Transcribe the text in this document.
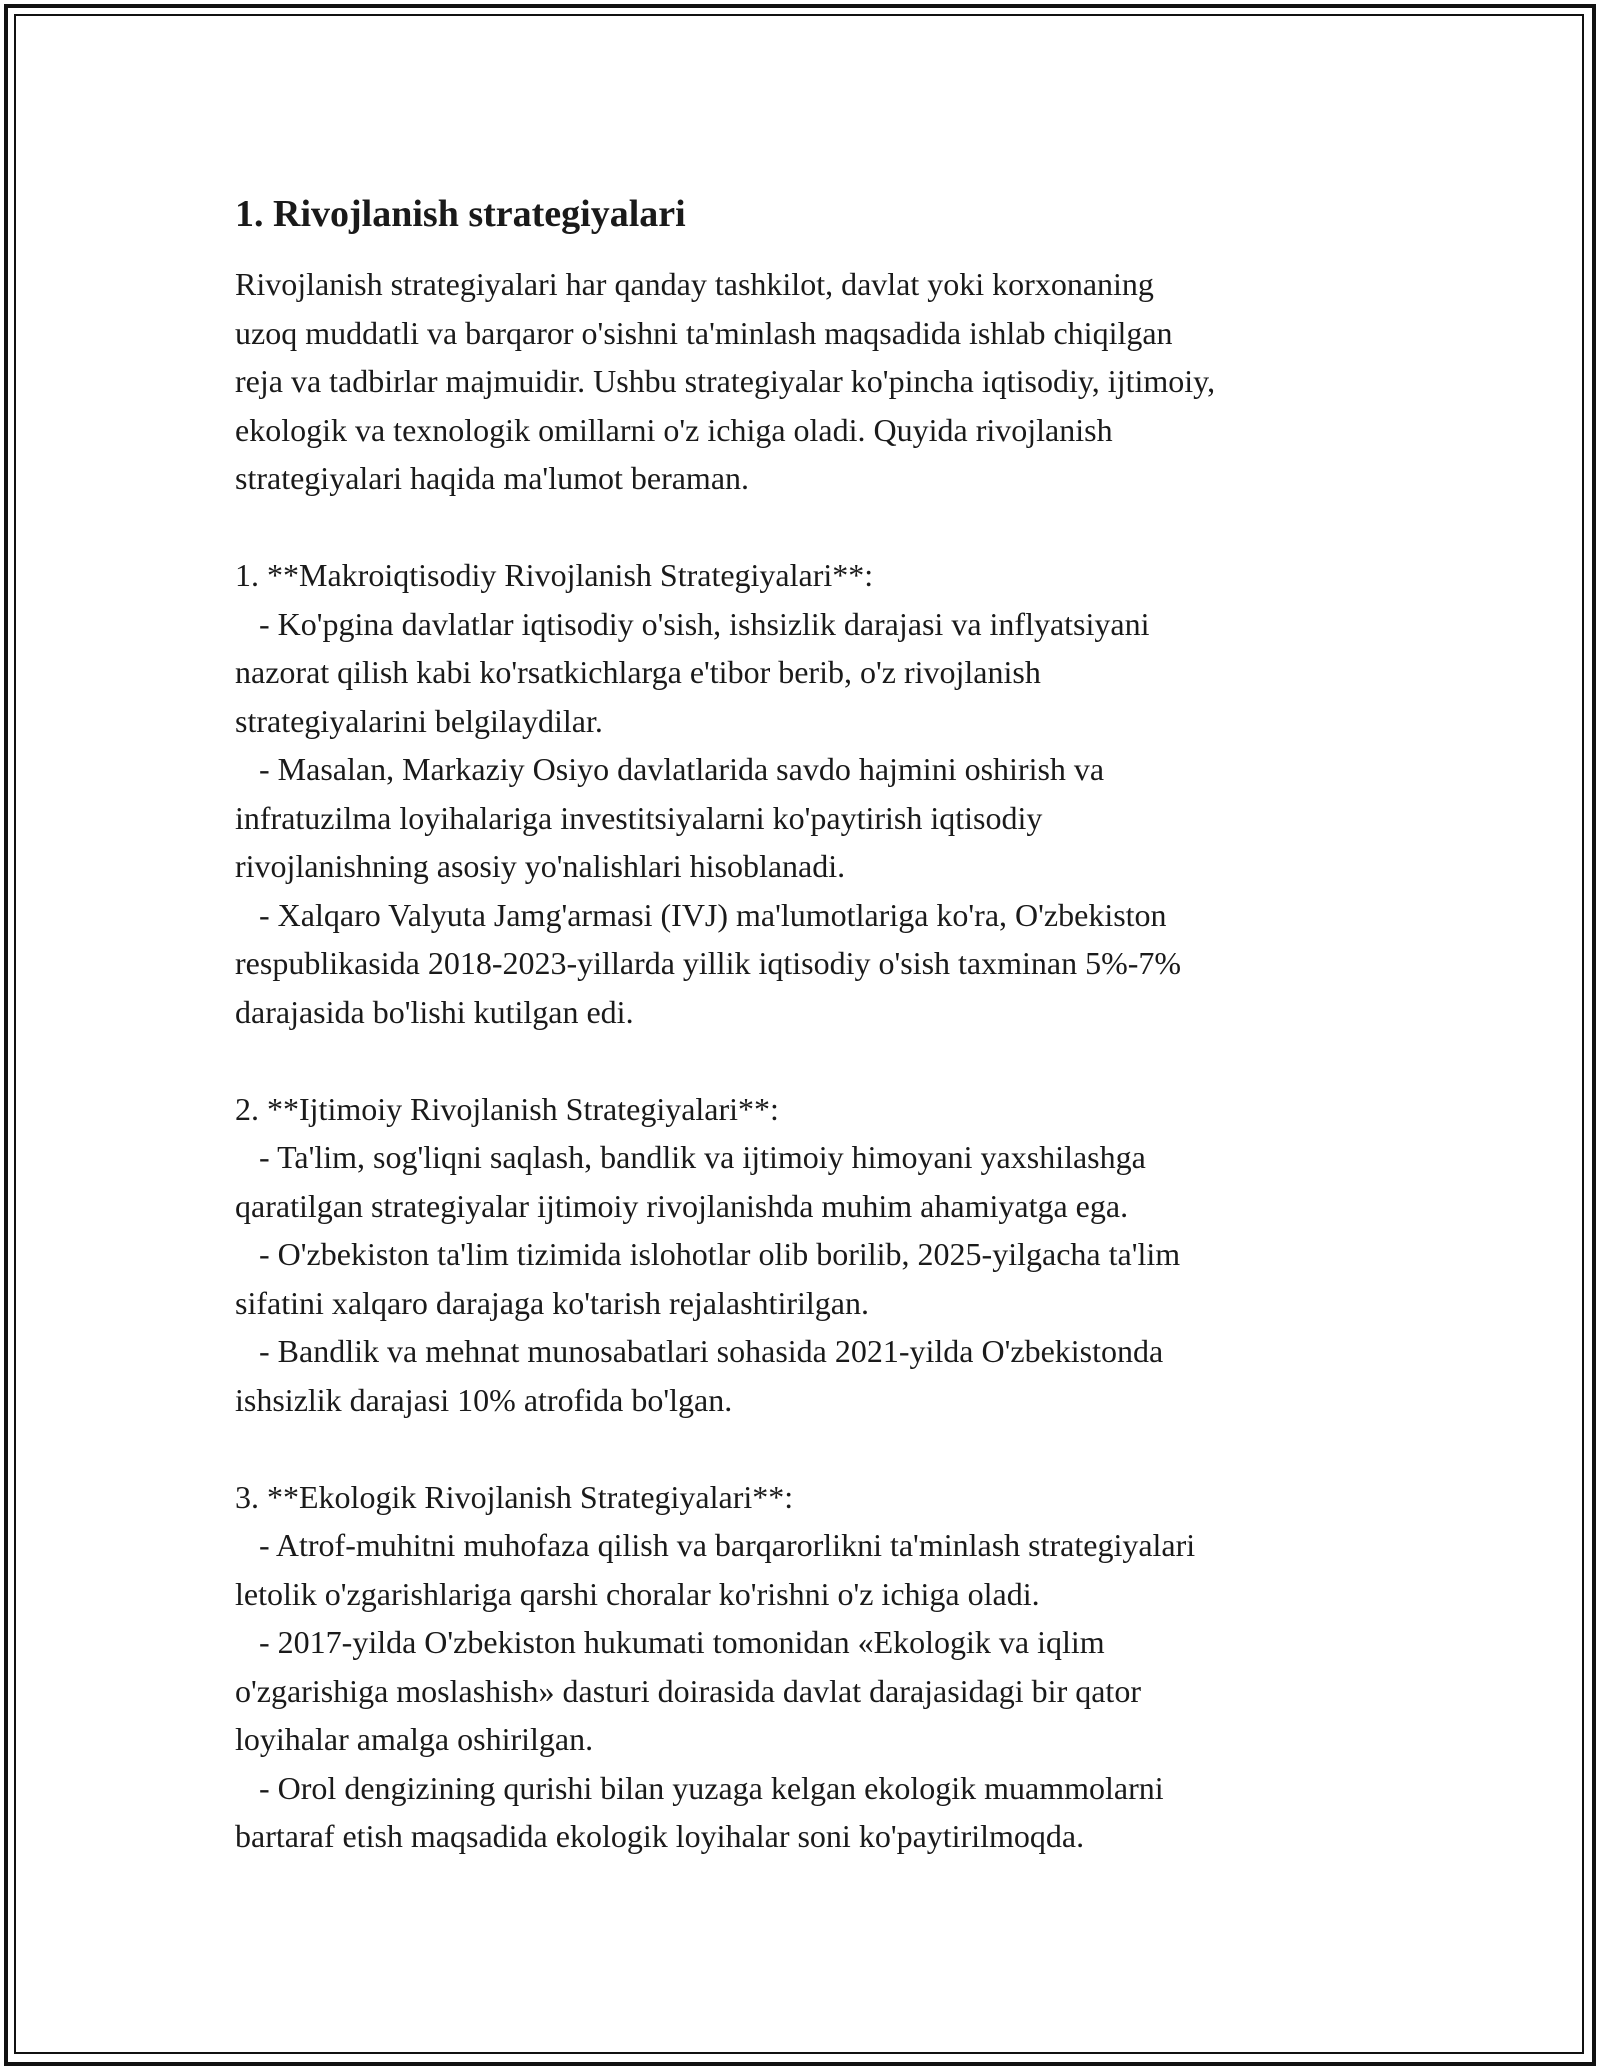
1. Rivojlanish strategiyalari

Rivojlanish strategiyalari har qanday tashkilot, davlat yoki korxonaning
uzoq muddatli va barqaror o'sishni ta'minlash maqsadida ishlab chiqilgan
reja va tadbirlar majmuidir. Ushbu strategiyalar ko'pincha iqtisodiy, ijtimoiy,
ekologik va texnologik omillarni o'z ichiga oladi. Quyida rivojlanish
strategiyalari haqida ma'lumot beraman.

1. **Makroiqtisodiy Rivojlanish Strategiyalari**:

- Ko'pgina davlatlar iqtisodiy o'sish, ishsizlik darajasi va inflyatsiyani
nazorat qilish kabi ko'rsatkichlarga e'tibor berib, o'z rivojlanish
strategiyalarini belgilaydilar.

- Masalan, Markaziy Osiyo davlatlarida savdo hajmini oshirish va
infratuzilma loyihalariga investitsiyalarni ko'paytirish iqtisodiy
rivojlanishning asosiy yo'nalishlari hisoblanadi.

- Xalqaro Valyuta Jamg'armasi (IVJ) ma'lumotlariga ko'ra, O'zbekiston
respublikasida 2018-2023-yillarda yillik iqtisodiy o'sish taxminan 5%-7%
darajasida bo'lishi kutilgan edi.

2. **Ijtimoiy Rivojlanish Strategiyalari**:

- Ta'lim, sog'liqni saqlash, bandlik va ijtimoiy himoyani yaxshilashga
qaratilgan strategiyalar ijtimoiy rivojlanishda muhim ahamiyatga ega.

- O'zbekiston ta'lim tizimida islohotlar olib borilib, 2025-yilgacha ta'lim
sifatini xalqaro darajaga ko'tarish rejalashtirilgan.

- Bandlik va mehnat munosabatlari sohasida 2021-yilda O'zbekistonda
ishsizlik darajasi 10% atrofida bo'lgan.

3. **Ekologik Rivojlanish Strategiyalari**:

- Atrof-muhitni muhofaza qilish va barqarorlikni ta'minlash strategiyalari
letolik o'zgarishlariga qarshi choralar ko'rishni o'z ichiga oladi.

- 2017-yilda O'zbekiston hukumati tomonidan «Ekologik va iqlim
o'zgarishiga moslashish» dasturi doirasida davlat darajasidagi bir qator
loyihalar amalga oshirilgan.

- Orol dengizining qurishi bilan yuzaga kelgan ekologik muammolarni
bartaraf etish maqsadida ekologik loyihalar soni ko'paytirilmoqda.
